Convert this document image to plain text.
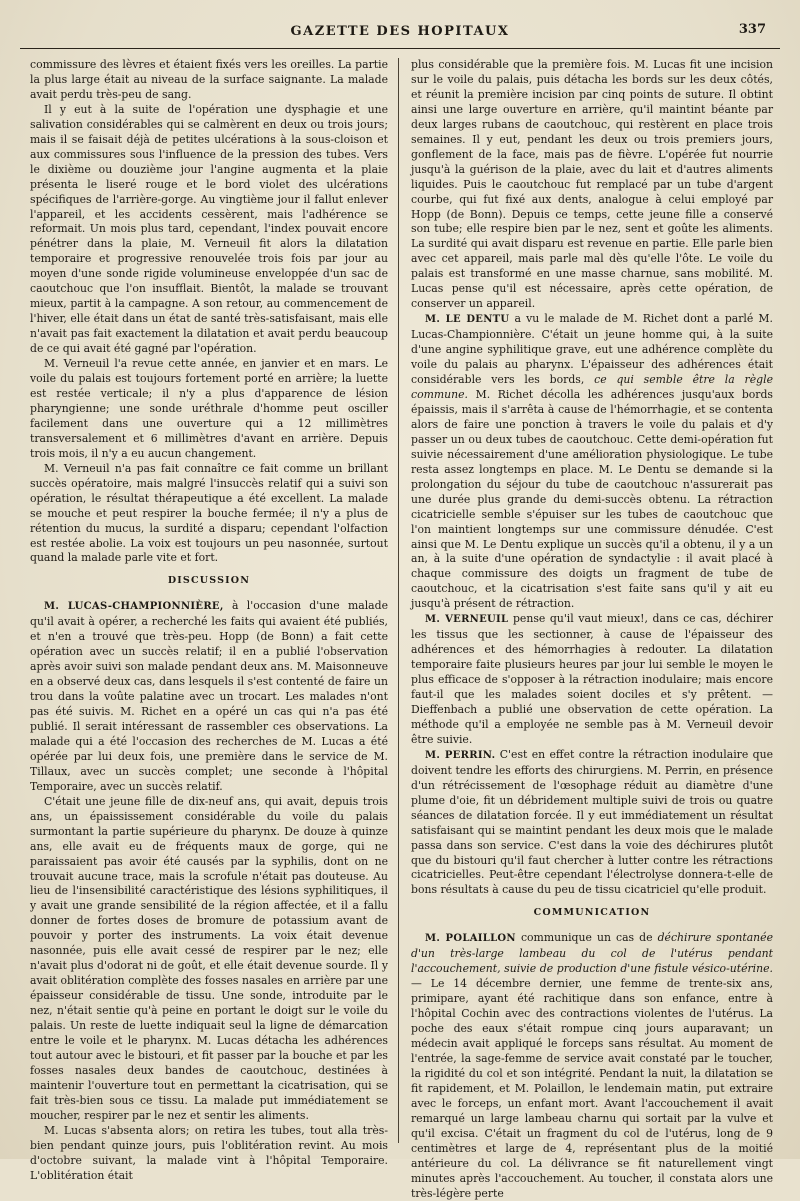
GAZETTE DES HOPITAUX	337

commissure des lèvres et étaient fixés vers les oreilles. La partie la plus large était au niveau de la surface saignante. La malade avait perdu très-peu de sang.

Il y eut à la suite de l'opération une dysphagie et une salivation considérables qui se calmèrent en deux ou trois jours; mais il se faisait déjà de petites ulcérations à la sous-cloison et aux commissures sous l'influence de la pression des tubes. Vers le dixième ou douzième jour l'angine augmenta et la plaie présenta le liseré rouge et le bord violet des ulcérations spécifiques de l'arrière-gorge. Au vingtième jour il fallut enlever l'appareil, et les accidents cessèrent, mais l'adhérence se reformait. Un mois plus tard, cependant, l'index pouvait encore pénétrer dans la plaie, M. Verneuil fit alors la dilatation temporaire et progressive renouvelée trois fois par jour au moyen d'une sonde rigide volumineuse enveloppée d'un sac de caoutchouc que l'on insufflait. Bientôt, la malade se trouvant mieux, partit à la campagne. A son retour, au commencement de l'hiver, elle était dans un état de santé très-satisfaisant, mais elle n'avait pas fait exactement la dilatation et avait perdu beaucoup de ce qui avait été gagné par l'opération.

M. Verneuil l'a revue cette année, en janvier et en mars. Le voile du palais est toujours fortement porté en arrière; la luette est restée verticale; il n'y a plus d'apparence de lésion pharyngienne; une sonde uréthrale d'homme peut osciller facilement dans une ouverture qui a 12 millimètres transversalement et 6 millimètres d'avant en arrière. Depuis trois mois, il n'y a eu aucun changement.

M. Verneuil n'a pas fait connaître ce fait comme un brillant succès opératoire, mais malgré l'insuccès relatif qui a suivi son opération, le résultat thérapeutique a été excellent. La malade se mouche et peut respirer la bouche fermée; il n'y a plus de rétention du mucus, la surdité a disparu; cependant l'olfaction est restée abolie. La voix est toujours un peu nasonnée, surtout quand la malade parle vite et fort.

DISCUSSION

M. LUCAS-CHAMPIONNIÈRE, à l'occasion d'une malade qu'il avait à opérer, a recherché les faits qui avaient été publiés, et n'en a trouvé que très-peu. Hopp (de Bonn) a fait cette opération avec un succès relatif; il en a publié l'observation après avoir suivi son malade pendant deux ans. M. Maisonneuve en a observé deux cas, dans lesquels il s'est contenté de faire un trou dans la voûte palatine avec un trocart. Les malades n'ont pas été suivis. M. Richet en a opéré un cas qui n'a pas été publié. Il serait intéressant de rassembler ces observations. La malade qui a été l'occasion des recherches de M. Lucas a été opérée par lui deux fois, une première dans le service de M. Tillaux, avec un succès complet; une seconde à l'hôpital Temporaire, avec un succès relatif.

C'était une jeune fille de dix-neuf ans, qui avait, depuis trois ans, un épaississement considérable du voile du palais surmontant la partie supérieure du pharynx. De douze à quinze ans, elle avait eu de fréquents maux de gorge, qui ne paraissaient pas avoir été causés par la syphilis, dont on ne trouvait aucune trace, mais la scrofule n'était pas douteuse. Au lieu de l'insensibilité caractéristique des lésions syphilitiques, il y avait une grande sensibilité de la région affectée, et il a fallu donner de fortes doses de bromure de potassium avant de pouvoir y porter des instruments. La voix était devenue nasonnée, puis elle avait cessé de respirer par le nez; elle n'avait plus d'odorat ni de goût, et elle était devenue sourde. Il y avait oblitération complète des fosses nasales en arrière par une épaisseur considérable de tissu. Une sonde, introduite par le nez, n'était sentie qu'à peine en portant le doigt sur le voile du palais. Un reste de luette indiquait seul la ligne de démarcation entre le voile et le pharynx. M. Lucas détacha les adhérences tout autour avec le bistouri, et fit passer par la bouche et par les fosses nasales deux bandes de caoutchouc, destinées à maintenir l'ouverture tout en permettant la cicatrisation, qui se fait très-bien sous ce tissu. La malade put immédiatement se moucher, respirer par le nez et sentir les aliments.

M. Lucas s'absenta alors; on retira les tubes, tout alla très-bien pendant quinze jours, puis l'oblitération revint. Au mois d'octobre suivant, la malade vint à l'hôpital Temporaire. L'oblitération était

plus considérable que la première fois. M. Lucas fit une incision sur le voile du palais, puis détacha les bords sur les deux côtés, et réunit la première incision par cinq points de suture. Il obtint ainsi une large ouverture en arrière, qu'il maintint béante par deux larges rubans de caoutchouc, qui restèrent en place trois semaines. Il y eut, pendant les deux ou trois premiers jours, gonflement de la face, mais pas de fièvre. L'opérée fut nourrie jusqu'à la guérison de la plaie, avec du lait et d'autres aliments liquides. Puis le caoutchouc fut remplacé par un tube d'argent courbe, qui fut fixé aux dents, analogue à celui employé par Hopp (de Bonn). Depuis ce temps, cette jeune fille a conservé son tube; elle respire bien par le nez, sent et goûte les aliments. La surdité qui avait disparu est revenue en partie. Elle parle bien avec cet appareil, mais parle mal dès qu'elle l'ôte. Le voile du palais est transformé en une masse charnue, sans mobilité. M. Lucas pense qu'il est nécessaire, après cette opération, de conserver un appareil.

M. LE DENTU a vu le malade de M. Richet dont a parlé M. Lucas-Championnière. C'était un jeune homme qui, à la suite d'une angine syphilitique grave, eut une adhérence complète du voile du palais au pharynx. L'épaisseur des adhérences était considérable vers les bords, ce qui semble être la règle commune. M. Richet décolla les adhérences jusqu'aux bords épaissis, mais il s'arrêta à cause de l'hémorrhagie, et se contenta alors de faire une ponction à travers le voile du palais et d'y passer un ou deux tubes de caoutchouc. Cette demi-opération fut suivie nécessairement d'une amélioration physiologique. Le tube resta assez longtemps en place. M. Le Dentu se demande si la prolongation du séjour du tube de caoutchouc n'assurerait pas une durée plus grande du demi-succès obtenu. La rétraction cicatricielle semble s'épuiser sur les tubes de caoutchouc que l'on maintient longtemps sur une commissure dénudée. C'est ainsi que M. Le Dentu explique un succès qu'il a obtenu, il y a un an, à la suite d'une opération de syndactylie : il avait placé à chaque commissure des doigts un fragment de tube de caoutchouc, et la cicatrisation s'est faite sans qu'il y ait eu jusqu'à présent de rétraction.

M. VERNEUIL pense qu'il vaut mieux!, dans ce cas, déchirer les tissus que les sectionner, à cause de l'épaisseur des adhérences et des hémorrhagies à redouter. La dilatation temporaire faite plusieurs heures par jour lui semble le moyen le plus efficace de s'opposer à la rétraction inodulaire; mais encore faut-il que les malades soient dociles et s'y prêtent. — Dieffenbach a publié une observation de cette opération. La méthode qu'il a employée ne semble pas à M. Verneuil devoir être suivie.

M. PERRIN. C'est en effet contre la rétraction inodulaire que doivent tendre les efforts des chirurgiens. M. Perrin, en présence d'un rétrécissement de l'œsophage réduit au diamètre d'une plume d'oie, fit un débridement multiple suivi de trois ou quatre séances de dilatation forcée. Il y eut immédiatement un résultat satisfaisant qui se maintint pendant les deux mois que le malade passa dans son service. C'est dans la voie des déchirures plutôt que du bistouri qu'il faut chercher à lutter contre les rétractions cicatricielles. Peut-être cependant l'électrolyse donnera-t-elle de bons résultats à cause du peu de tissu cicatriciel qu'elle produit.

COMMUNICATION

M. POLAILLON communique un cas de déchirure spontanée d'un très-large lambeau du col de l'utérus pendant l'accouchement, suivie de production d'une fistule vésico-utérine. — Le 14 décembre dernier, une femme de trente-six ans, primipare, ayant été rachitique dans son enfance, entre à l'hôpital Cochin avec des contractions violentes de l'utérus. La poche des eaux s'était rompue cinq jours auparavant; un médecin avait appliqué le forceps sans résultat. Au moment de l'entrée, la sage-femme de service avait constaté par le toucher, la rigidité du col et son intégrité. Pendant la nuit, la dilatation se fit rapidement, et M. Polaillon, le lendemain matin, put extraire avec le forceps, un enfant mort. Avant l'accouchement il avait remarqué un large lambeau charnu qui sortait par la vulve et qu'il excisa. C'était un fragment du col de l'utérus, long de 9 centimètres et large de 4, représentant plus de la moitié antérieure du col. La délivrance se fit naturellement vingt minutes après l'accouchement. Au toucher, il constata alors une très-légère perte
